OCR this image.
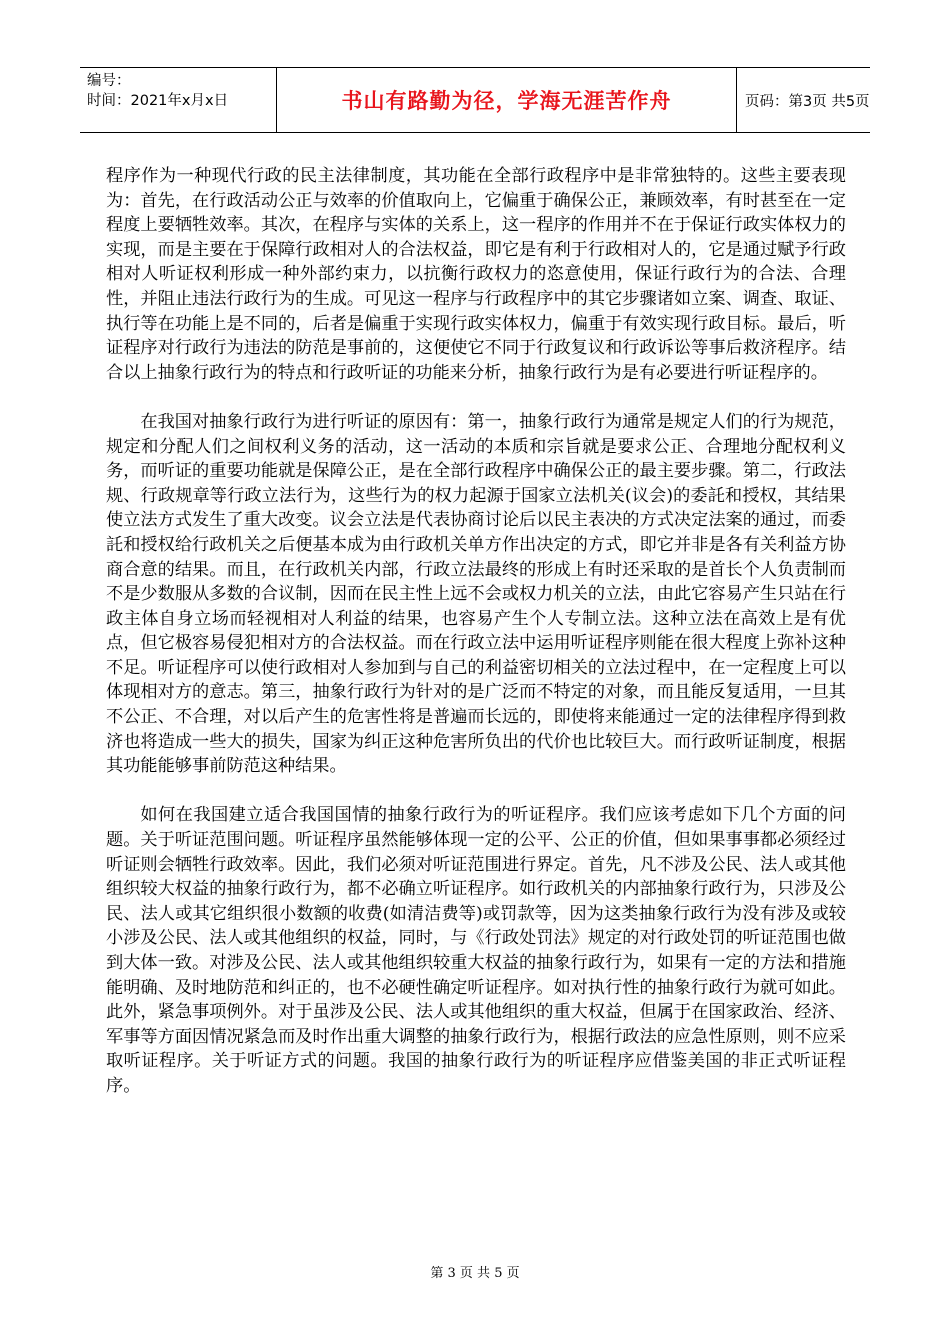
编号：
时间：2021年x月x日	书山有路勤为径，学海无涯苦作舟	页码：第3页 共5页

程序作为一种现代行政的民主法律制度，其功能在全部行政程序中是非常独特的。这些主要表现为：首先，在行政活动公正与效率的价值取向上，它偏重于确保公正，兼顾效率，有时甚至在一定程度上要牺牲效率。其次，在程序与实体的关系上，这一程序的作用并不在于保证行政实体权力的实现，而是主要在于保障行政相对人的合法权益，即它是有利于行政相对人的，它是通过赋予行政相对人听证权利形成一种外部约束力，以抗衡行政权力的恣意使用，保证行政行为的合法、合理性，并阻止违法行政行为的生成。可见这一程序与行政程序中的其它步骤诸如立案、调查、取证、执行等在功能上是不同的，后者是偏重于实现行政实体权力，偏重于有效实现行政目标。最后，听证程序对行政行为违法的防范是事前的，这便使它不同于行政复议和行政诉讼等事后救济程序。结合以上抽象行政行为的特点和行政听证的功能来分析，抽象行政行为是有必要进行听证程序的。

在我国对抽象行政行为进行听证的原因有：第一，抽象行政行为通常是规定人们的行为规范，规定和分配人们之间权利义务的活动，这一活动的本质和宗旨就是要求公正、合理地分配权利义务，而听证的重要功能就是保障公正，是在全部行政程序中确保公正的最主要步骤。第二，行政法规、行政规章等行政立法行为，这些行为的权力起源于国家立法机关(议会)的委託和授权，其结果使立法方式发生了重大改变。议会立法是代表协商讨论后以民主表决的方式决定法案的通过，而委託和授权给行政机关之后便基本成为由行政机关单方作出决定的方式，即它并非是各有关利益方协商合意的结果。而且，在行政机关内部，行政立法最终的形成上有时还采取的是首长个人负责制而不是少数服从多数的合议制，因而在民主性上远不会或权力机关的立法，由此它容易产生只站在行政主体自身立场而轻视相对人利益的结果，也容易产生个人专制立法。这种立法在高效上是有优点，但它极容易侵犯相对方的合法权益。而在行政立法中运用听证程序则能在很大程度上弥补这种不足。听证程序可以使行政相对人参加到与自己的利益密切相关的立法过程中，在一定程度上可以体现相对方的意志。第三，抽象行政行为针对的是广泛而不特定的对象，而且能反复适用，一旦其不公正、不合理，对以后产生的危害性将是普遍而长远的，即使将来能通过一定的法律程序得到救济也将造成一些大的损失，国家为纠正这种危害所负出的代价也比较巨大。而行政听证制度，根据其功能能够事前防范这种结果。

如何在我国建立适合我国国情的抽象行政行为的听证程序。我们应该考虑如下几个方面的问题。关于听证范围问题。听证程序虽然能够体现一定的公平、公正的价值，但如果事事都必须经过听证则会牺牲行政效率。因此，我们必须对听证范围进行界定。首先，凡不涉及公民、法人或其他组织较大权益的抽象行政行为，都不必确立听证程序。如行政机关的内部抽象行政行为，只涉及公民、法人或其它组织很小数额的收费(如清洁费等)或罚款等，因为这类抽象行政行为没有涉及或较小涉及公民、法人或其他组织的权益，同时，与《行政处罚法》规定的对行政处罚的听证范围也做到大体一致。对涉及公民、法人或其他组织较重大权益的抽象行政行为，如果有一定的方法和措施能明确、及时地防范和纠正的，也不必硬性确定听证程序。如对执行性的抽象行政行为就可如此。此外，紧急事项例外。对于虽涉及公民、法人或其他组织的重大权益，但属于在国家政治、经济、军事等方面因情况紧急而及时作出重大调整的抽象行政行为，根据行政法的应急性原则，则不应采取听证程序。关于听证方式的问题。我国的抽象行政行为的听证程序应借鉴美国的非正式听证程序。

第 3 页 共 5 页
